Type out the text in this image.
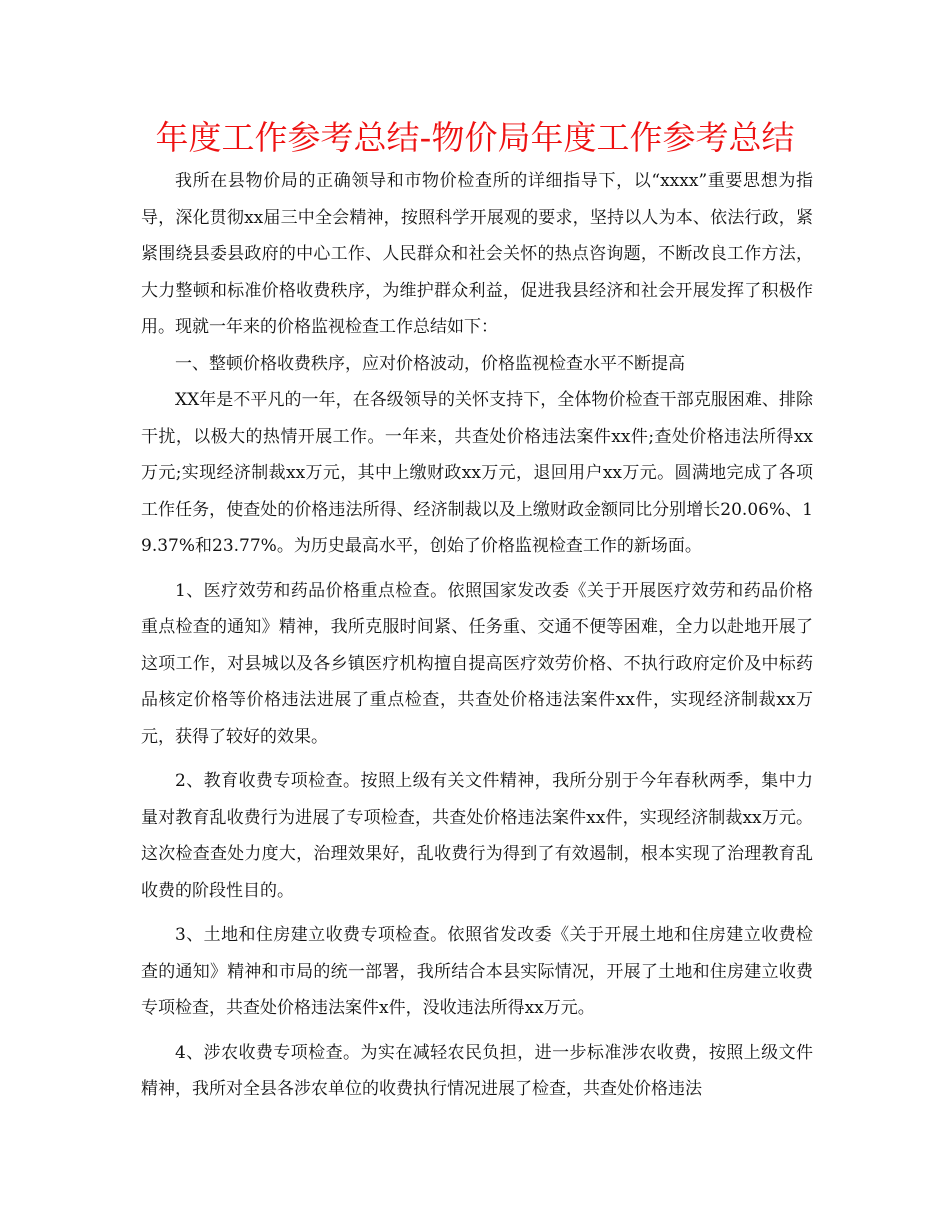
年度工作参考总结-物价局年度工作参考总结

我所在县物价局的正确领导和市物价检查所的详细指导下，以“xxxx”重要思想为指导，深化贯彻xx届三中全会精神，按照科学开展观的要求，坚持以人为本、依法行政，紧紧围绕县委县政府的中心工作、人民群众和社会关怀的热点咨询题，不断改良工作方法，大力整顿和标准价格收费秩序，为维护群众利益，促进我县经济和社会开展发挥了积极作用。现就一年来的价格监视检查工作总结如下：

一、整顿价格收费秩序，应对价格波动，价格监视检查水平不断提高

XX年是不平凡的一年，在各级领导的关怀支持下，全体物价检查干部克服困难、排除干扰，以极大的热情开展工作。一年来，共查处价格违法案件xx件;查处价格违法所得xx万元;实现经济制裁xx万元，其中上缴财政xx万元，退回用户xx万元。圆满地完成了各项工作任务，使查处的价格违法所得、经济制裁以及上缴财政金额同比分别增长20.06%、19.37%和23.77%。为历史最高水平，创始了价格监视检查工作的新场面。

1、医疗效劳和药品价格重点检查。依照国家发改委《关于开展医疗效劳和药品价格重点检查的通知》精神，我所克服时间紧、任务重、交通不便等困难，全力以赴地开展了这项工作，对县城以及各乡镇医疗机构擅自提高医疗效劳价格、不执行政府定价及中标药品核定价格等价格违法进展了重点检查，共查处价格违法案件xx件，实现经济制裁xx万元，获得了较好的效果。

2、教育收费专项检查。按照上级有关文件精神，我所分别于今年春秋两季，集中力量对教育乱收费行为进展了专项检查，共查处价格违法案件xx件，实现经济制裁xx万元。这次检查查处力度大，治理效果好，乱收费行为得到了有效遏制，根本实现了治理教育乱收费的阶段性目的。

3、土地和住房建立收费专项检查。依照省发改委《关于开展土地和住房建立收费检查的通知》精神和市局的统一部署，我所结合本县实际情况，开展了土地和住房建立收费专项检查，共查处价格违法案件x件，没收违法所得xx万元。

4、涉农收费专项检查。为实在减轻农民负担，进一步标准涉农收费，按照上级文件精神，我所对全县各涉农单位的收费执行情况进展了检查，共查处价格违法
